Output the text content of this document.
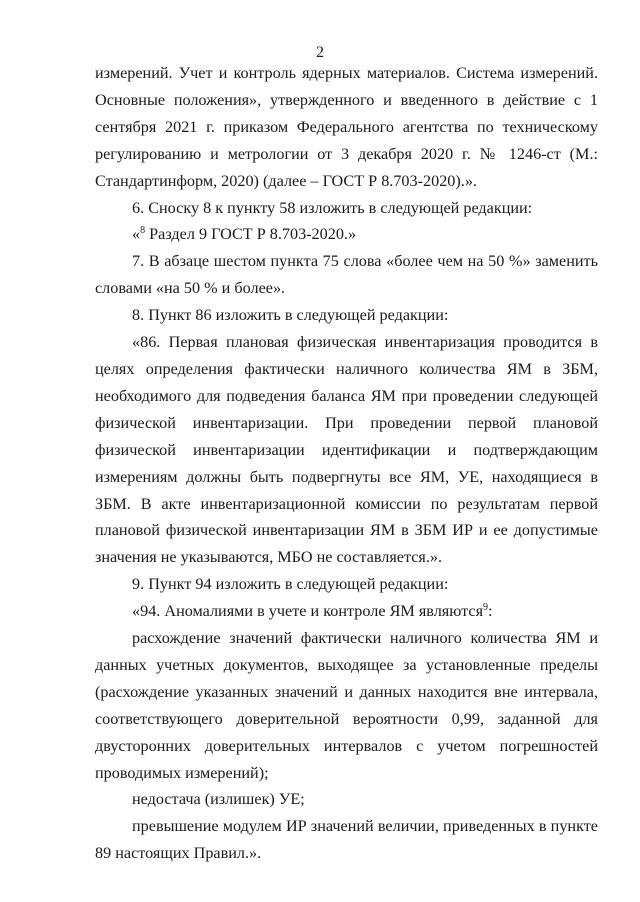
2

измерений. Учет и контроль ядерных материалов. Система измерений. Основные положения», утвержденного и введенного в действие с 1 сентября 2021 г. приказом Федерального агентства по техническому регулированию и метрологии от 3 декабря 2020 г. № 1246-ст (М.: Стандартинформ, 2020) (далее – ГОСТ Р 8.703-2020).».

6. Сноску 8 к пункту 58 изложить в следующей редакции:

«$^8$ Раздел 9 ГОСТ Р 8.703-2020.»

7. В абзаце шестом пункта 75 слова «более чем на 50 %» заменить словами «на 50 % и более».

8. Пункт 86 изложить в следующей редакции:

«86. Первая плановая физическая инвентаризация проводится в целях определения фактически наличного количества ЯМ в ЗБМ, необходимого для подведения баланса ЯМ при проведении следующей физической инвентаризации. При проведении первой плановой физической инвентаризации идентификации и подтверждающим измерениям должны быть подвергнуты все ЯМ, УЕ, находящиеся в ЗБМ. В акте инвентаризационной комиссии по результатам первой плановой физической инвентаризации ЯМ в ЗБМ ИР и ее допустимые значения не указываются, МБО не составляется.».

9. Пункт 94 изложить в следующей редакции:

«94. Аномалиями в учете и контроле ЯМ являются$^9$:

расхождение значений фактически наличного количества ЯМ и данных учетных документов, выходящее за установленные пределы (расхождение указанных значений и данных находится вне интервала, соответствующего доверительной вероятности 0,99, заданной для двусторонних доверительных интервалов с учетом погрешностей проводимых измерений);

недостача (излишек) УЕ;

превышение модулем ИР значений величии, приведенных в пункте 89 настоящих Правил.».
